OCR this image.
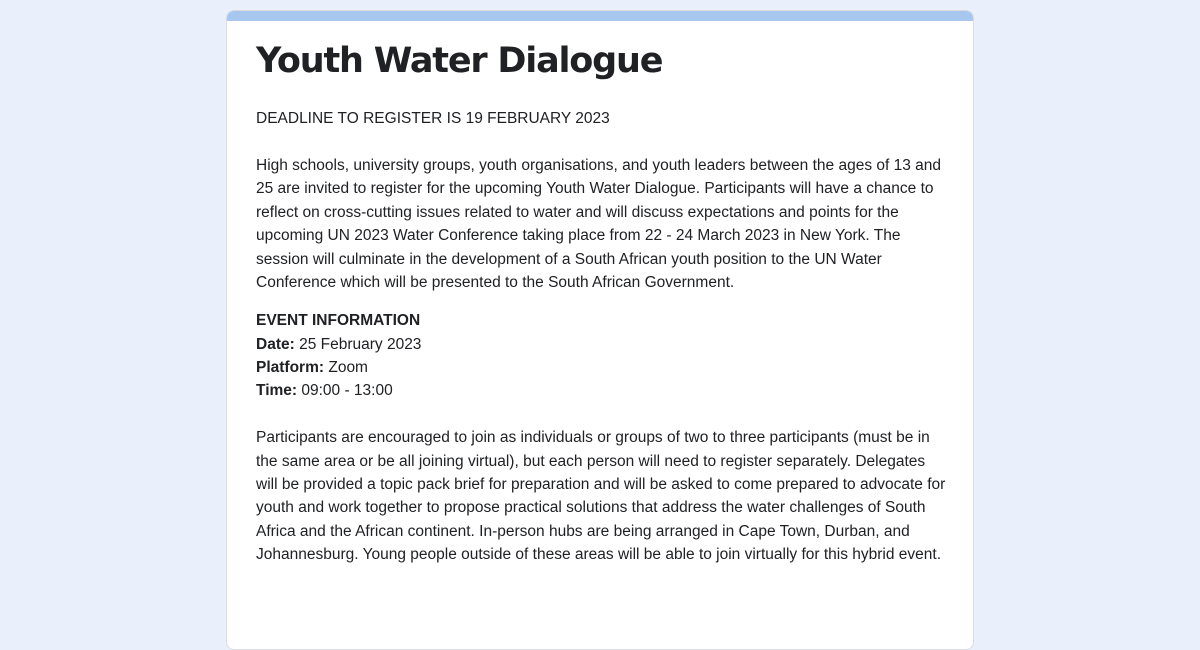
Youth Water Dialogue

DEADLINE TO REGISTER IS 19 FEBRUARY 2023

High schools, university groups, youth organisations, and youth leaders between the ages of 13 and 25 are invited to register for the upcoming Youth Water Dialogue. Participants will have a chance to reflect on cross-cutting issues related to water and will discuss expectations and points for the upcoming UN 2023 Water Conference taking place from 22 - 24 March 2023 in New York. The session will culminate in the development of a South African youth position to the UN Water Conference which will be presented to the South African Government.

EVENT INFORMATION
Date: 25 February 2023
Platform: Zoom
Time: 09:00 - 13:00

Participants are encouraged to join as individuals or groups of two to three participants (must be in the same area or be all joining virtual), but each person will need to register separately. Delegates will be provided a topic pack brief for preparation and will be asked to come prepared to advocate for youth and work together to propose practical solutions that address the water challenges of South Africa and the African continent. In-person hubs are being arranged in Cape Town, Durban, and Johannesburg. Young people outside of these areas will be able to join virtually for this hybrid event.
